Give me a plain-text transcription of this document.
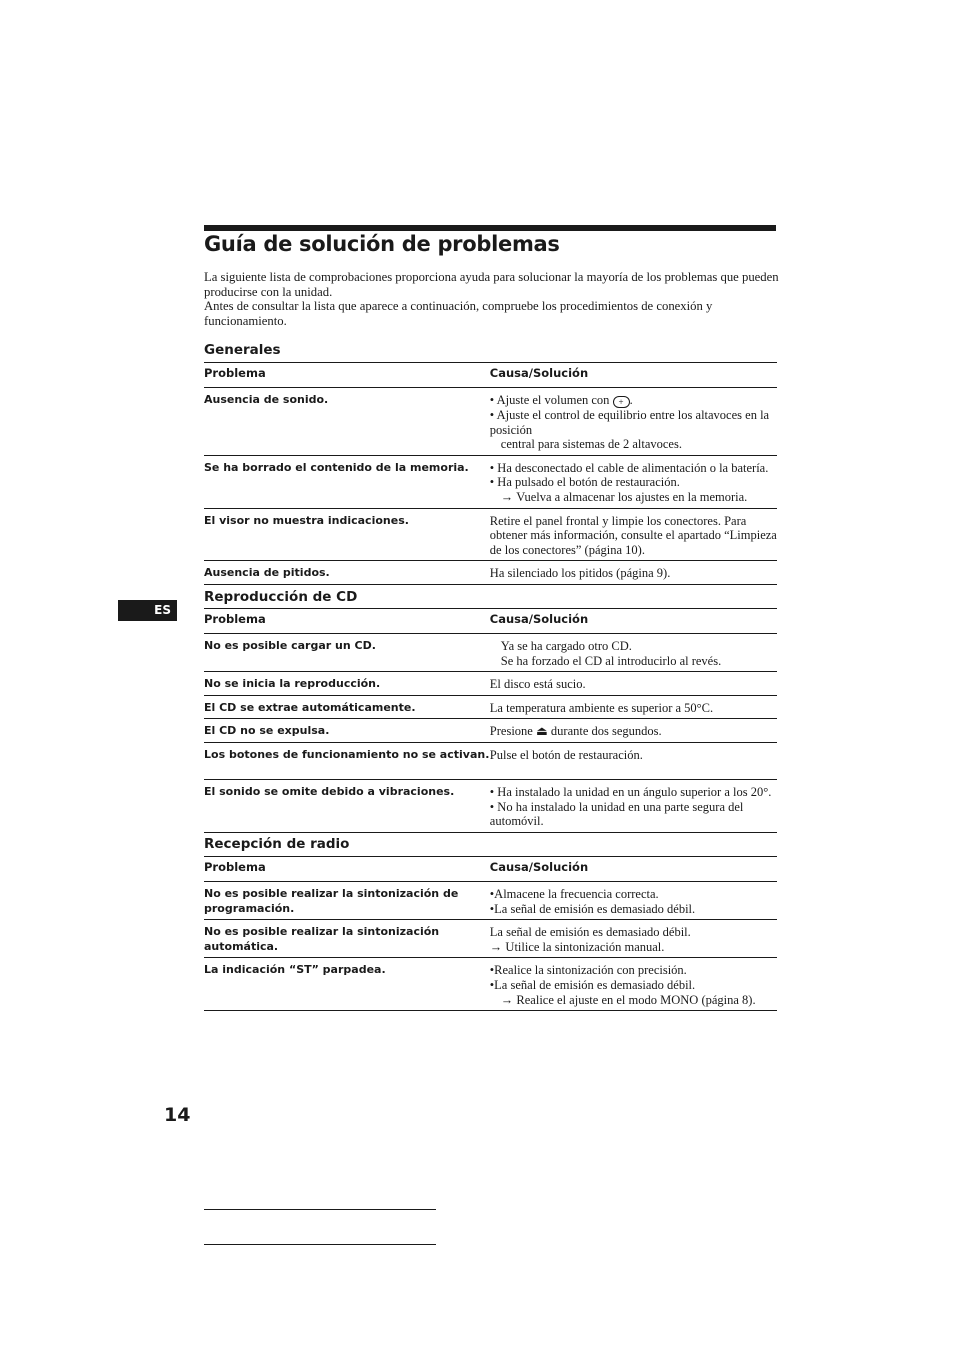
Guía de solución de problemas

La siguiente lista de comprobaciones proporciona ayuda para solucionar la mayoría de los problemas que pueden producirse con la unidad.

Antes de consultar la lista que aparece a continuación, compruebe los procedimientos de conexión y funcionamiento.

Generales
Problema	Causa/Solución
Ausencia de sonido.	• Ajuste el volumen con + .
• Ajuste el control de equilibrio entre los altavoces en la posición
central para sistemas de 2 altavoces.

Se ha borrado el contenido de la memoria.	• Ha desconectado el cable de alimentación o la batería.
• Ha pulsado el botón de restauración.
→ Vuelva a almacenar los ajustes en la memoria.

El visor no muestra indicaciones.	Retire el panel frontal y limpie los conectores. Para obtener más información, consulte el apartado “Limpieza de los conectores” (página 10).
Ausencia de pitidos.	Ha silenciado los pitidos (página 9).
ES
Reproducción de CD
Problema	Causa/Solución
No es posible cargar un CD.	Ya se ha cargado otro CD.
Se ha forzado el CD al introducirlo al revés.

No se inicia la reproducción.	El disco está sucio.
El CD se extrae automáticamente.	La temperatura ambiente es superior a 50°C.
El CD no se expulsa.	Presione ⏏ durante dos segundos.
Los botones de funcionamiento no se activan.	Pulse el botón de restauración.
El sonido se omite debido a vibraciones.	• Ha instalado la unidad en un ángulo superior a los 20°.
• No ha instalado la unidad en una parte segura del automóvil.
Recepción de radio
Problema	Causa/Solución
No es posible realizar la sintonización de programación.	•Almacene la frecuencia correcta.
•La señal de emisión es demasiado débil.

No es posible realizar la sintonización automática.	La señal de emisión es demasiado débil.
→ Utilice la sintonización manual.

La indicación “ST” parpadea.	•Realice la sintonización con precisión.
•La señal de emisión es demasiado débil.
→ Realice el ajuste en el modo MONO (página 8).
14
